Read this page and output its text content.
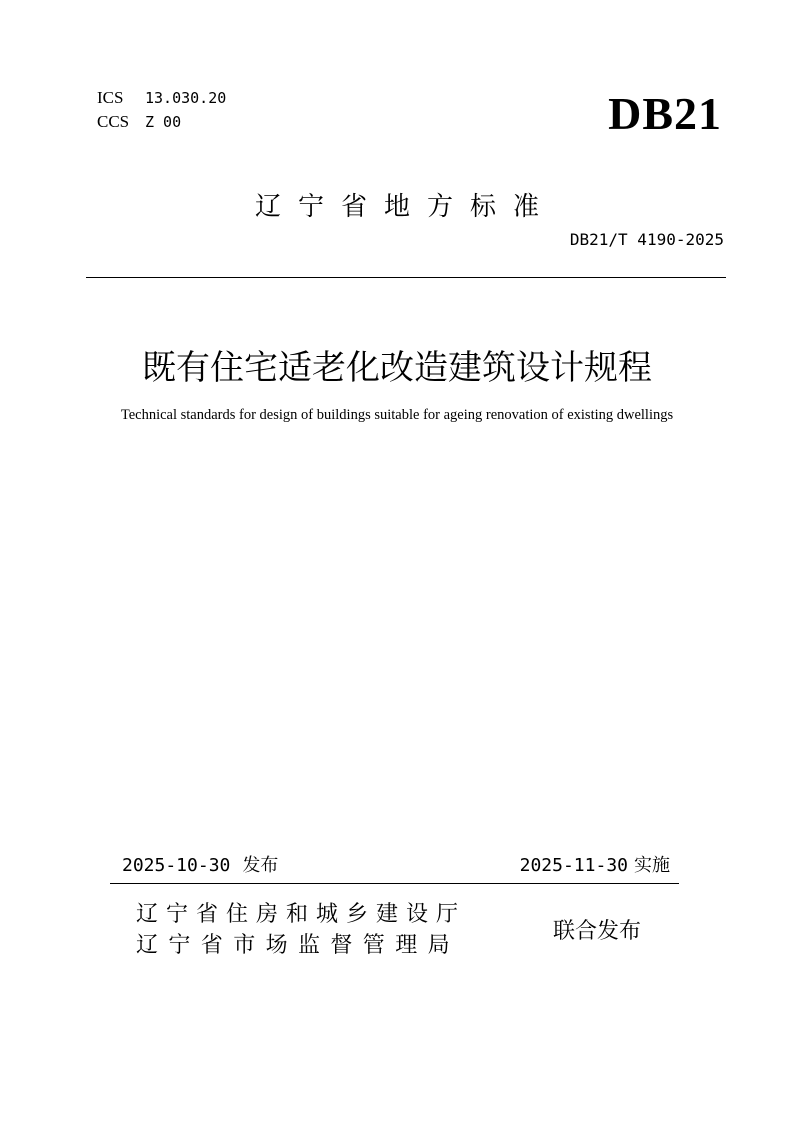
ICS 13.030.20
CCS Z 00	DB21
辽宁省地方标准
DB21/T 4190-2025
既有住宅适老化改造建筑设计规程
Technical standards for design of buildings suitable for ageing renovation of existing dwellings
2025-10-30 发布	2025-11-30 实施
辽宁省住房和城乡建设厅
辽宁省市场监督管理局
联合发布
